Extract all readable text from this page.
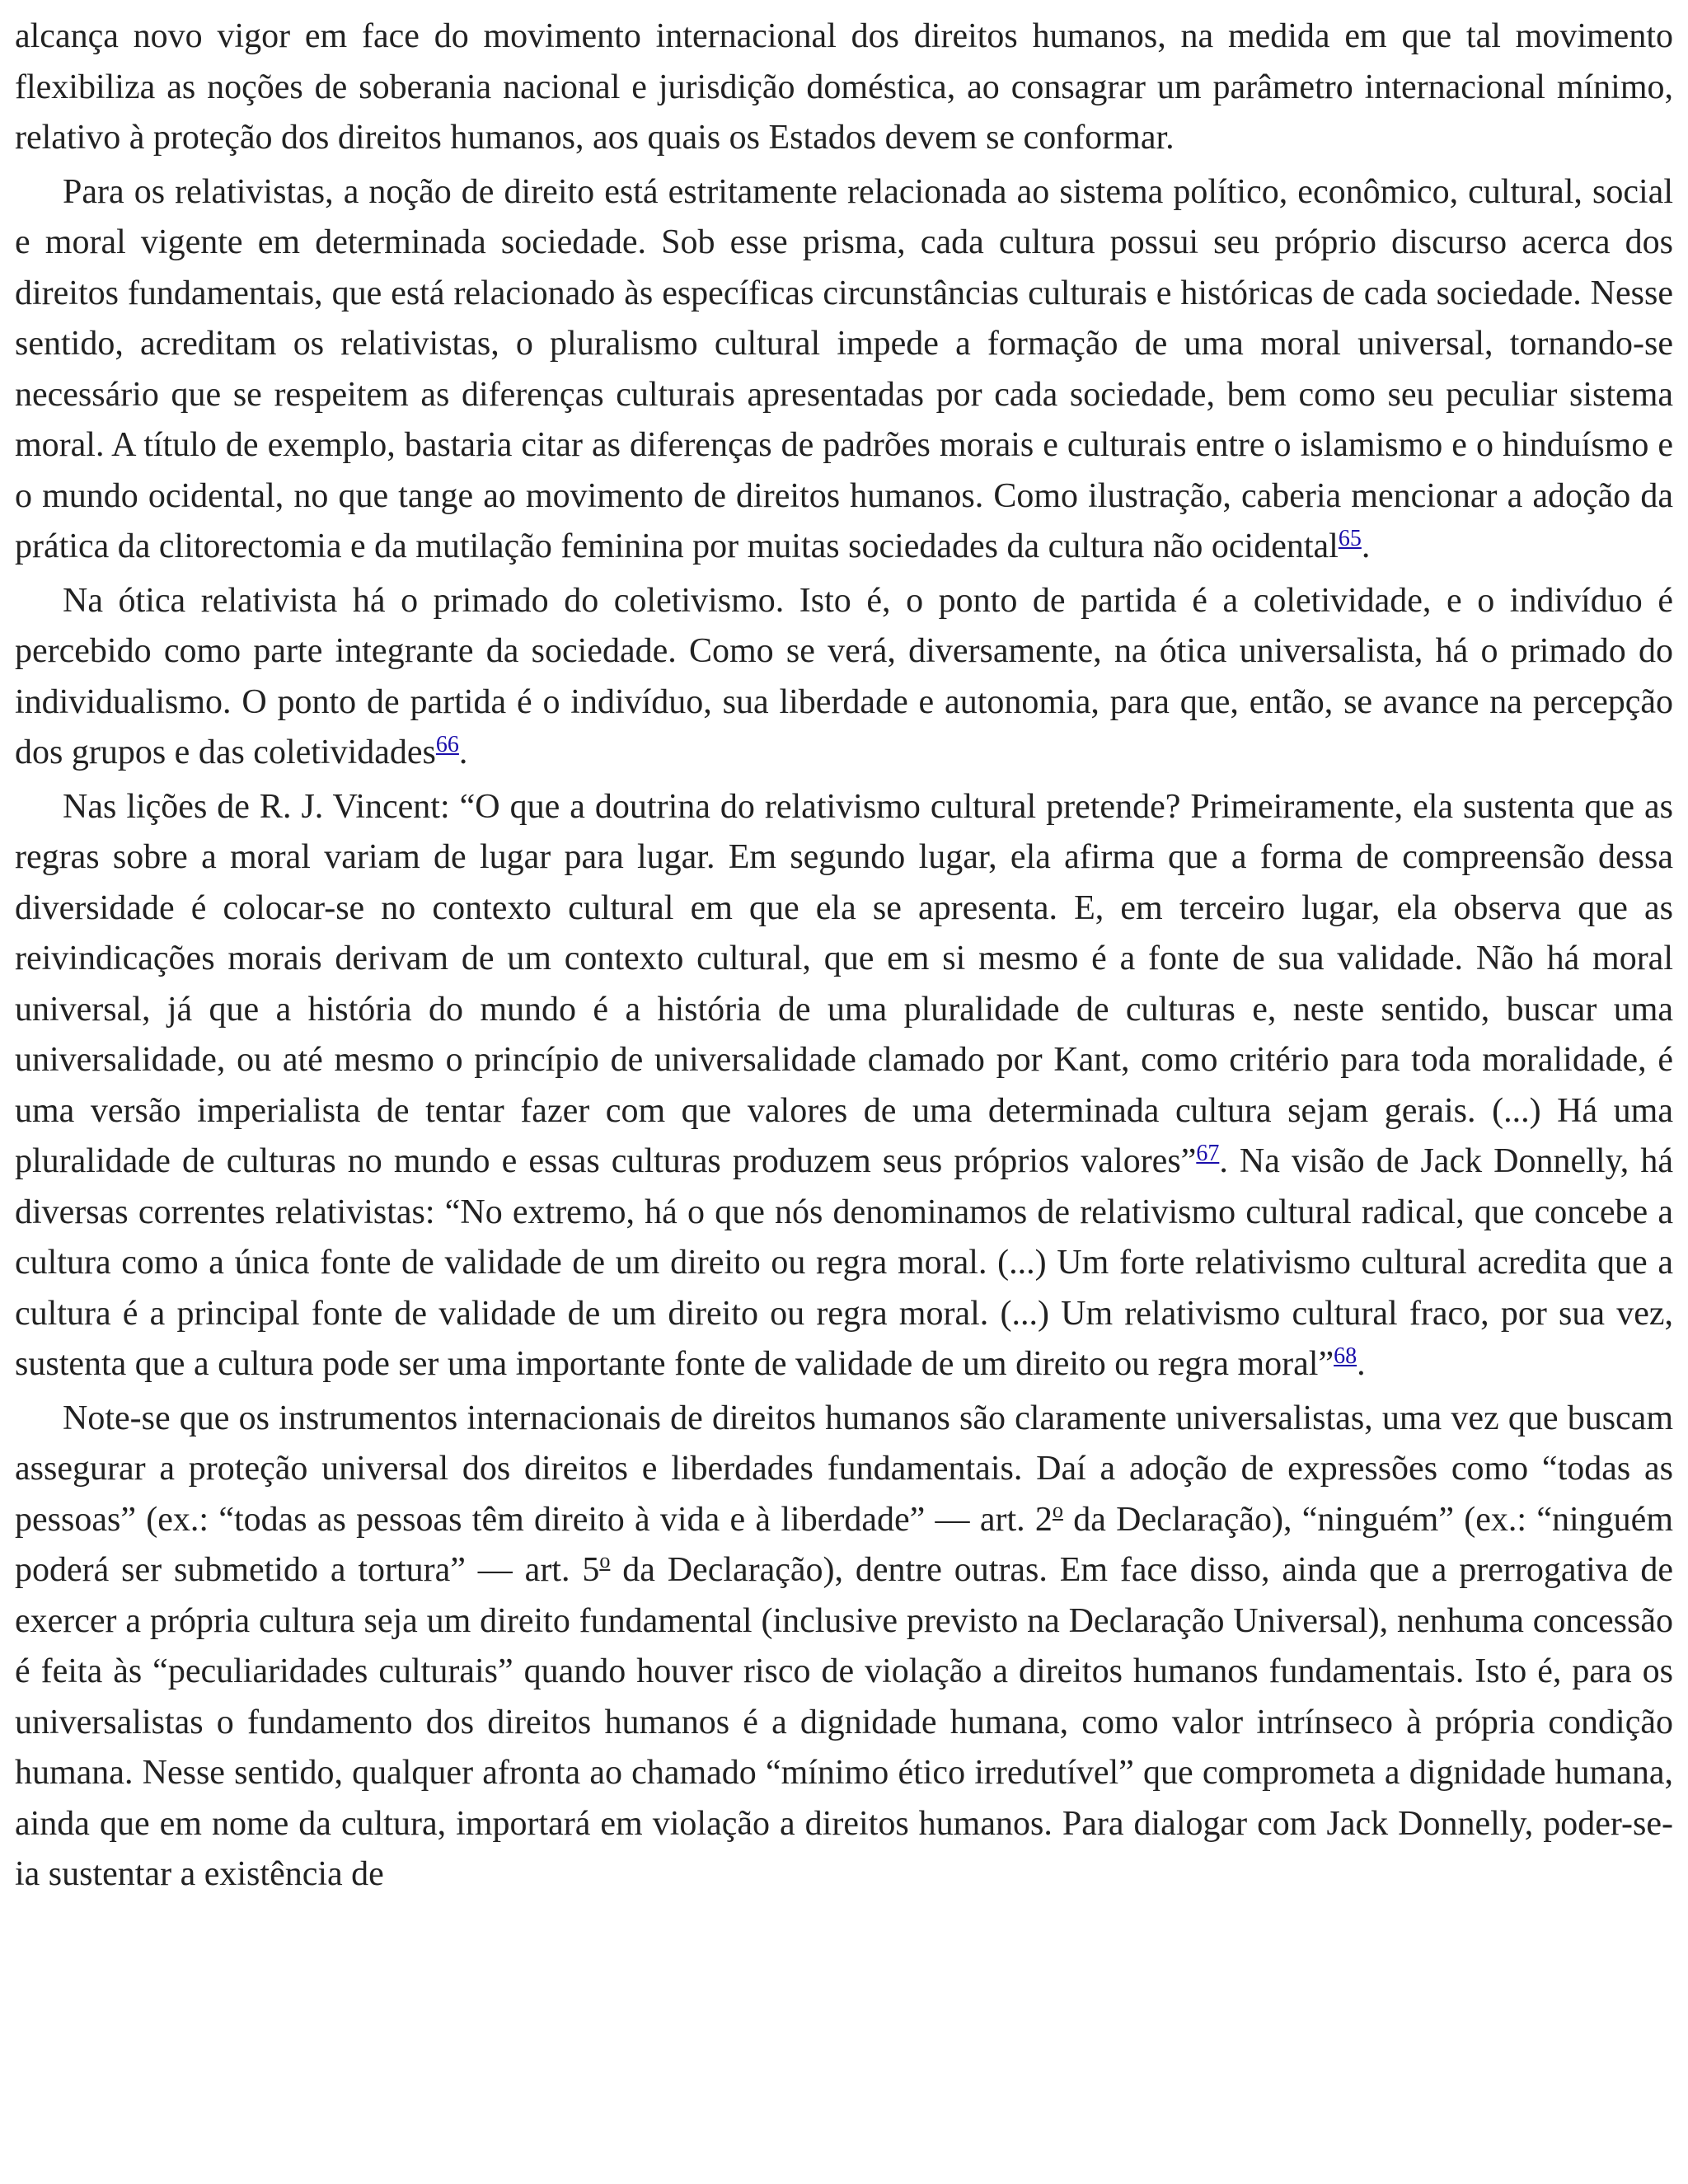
alcança novo vigor em face do movimento internacional dos direitos humanos, na medida em que tal movimento flexibiliza as noções de soberania nacional e jurisdição doméstica, ao consagrar um parâmetro internacional mínimo, relativo à proteção dos direitos humanos, aos quais os Estados devem se conformar.

Para os relativistas, a noção de direito está estritamente relacionada ao sistema político, econômico, cultural, social e moral vigente em determinada sociedade. Sob esse prisma, cada cultura possui seu próprio discurso acerca dos direitos fundamentais, que está relacionado às específicas circunstâncias culturais e históricas de cada sociedade. Nesse sentido, acreditam os relativistas, o pluralismo cultural impede a formação de uma moral universal, tornando-se necessário que se respeitem as diferenças culturais apresentadas por cada sociedade, bem como seu peculiar sistema moral. A título de exemplo, bastaria citar as diferenças de padrões morais e culturais entre o islamismo e o hinduísmo e o mundo ocidental, no que tange ao movimento de direitos humanos. Como ilustração, caberia mencionar a adoção da prática da clitorectomia e da mutilação feminina por muitas sociedades da cultura não ocidental$^{65}$.

Na ótica relativista há o primado do coletivismo. Isto é, o ponto de partida é a coletividade, e o indivíduo é percebido como parte integrante da sociedade. Como se verá, diversamente, na ótica universalista, há o primado do individualismo. O ponto de partida é o indivíduo, sua liberdade e autonomia, para que, então, se avance na percepção dos grupos e das coletividades$^{66}$.

Nas lições de R. J. Vincent: “O que a doutrina do relativismo cultural pretende? Primeiramente, ela sustenta que as regras sobre a moral variam de lugar para lugar. Em segundo lugar, ela afirma que a forma de compreensão dessa diversidade é colocar-se no contexto cultural em que ela se apresenta. E, em terceiro lugar, ela observa que as reivindicações morais derivam de um contexto cultural, que em si mesmo é a fonte de sua validade. Não há moral universal, já que a história do mundo é a história de uma pluralidade de culturas e, neste sentido, buscar uma universalidade, ou até mesmo o princípio de universalidade clamado por Kant, como critério para toda moralidade, é uma versão imperialista de tentar fazer com que valores de uma determinada cultura sejam gerais. (...) Há uma pluralidade de culturas no mundo e essas culturas produzem seus próprios valores”$^{67}$. Na visão de Jack Donnelly, há diversas correntes relativistas: “No extremo, há o que nós denominamos de relativismo cultural radical, que concebe a cultura como a única fonte de validade de um direito ou regra moral. (...) Um forte relativismo cultural acredita que a cultura é a principal fonte de validade de um direito ou regra moral. (...) Um relativismo cultural fraco, por sua vez, sustenta que a cultura pode ser uma importante fonte de validade de um direito ou regra moral”$^{68}$.

Note-se que os instrumentos internacionais de direitos humanos são claramente universalistas, uma vez que buscam assegurar a proteção universal dos direitos e liberdades fundamentais. Daí a adoção de expressões como “todas as pessoas” (ex.: “todas as pessoas têm direito à vida e à liberdade” — art. 2$^o$ da Declaração), “ninguém” (ex.: “ninguém poderá ser submetido a tortura” — art. 5$^o$ da Declaração), dentre outras. Em face disso, ainda que a prerrogativa de exercer a própria cultura seja um direito fundamental (inclusive previsto na Declaração Universal), nenhuma concessão é feita às “peculiaridades culturais” quando houver risco de violação a direitos humanos fundamentais. Isto é, para os universalistas o fundamento dos direitos humanos é a dignidade humana, como valor intrínseco à própria condição humana. Nesse sentido, qualquer afronta ao chamado “mínimo ético irredutível” que comprometa a dignidade humana, ainda que em nome da cultura, importará em violação a direitos humanos. Para dialogar com Jack Donnelly, poder-se-ia sustentar a existência de
